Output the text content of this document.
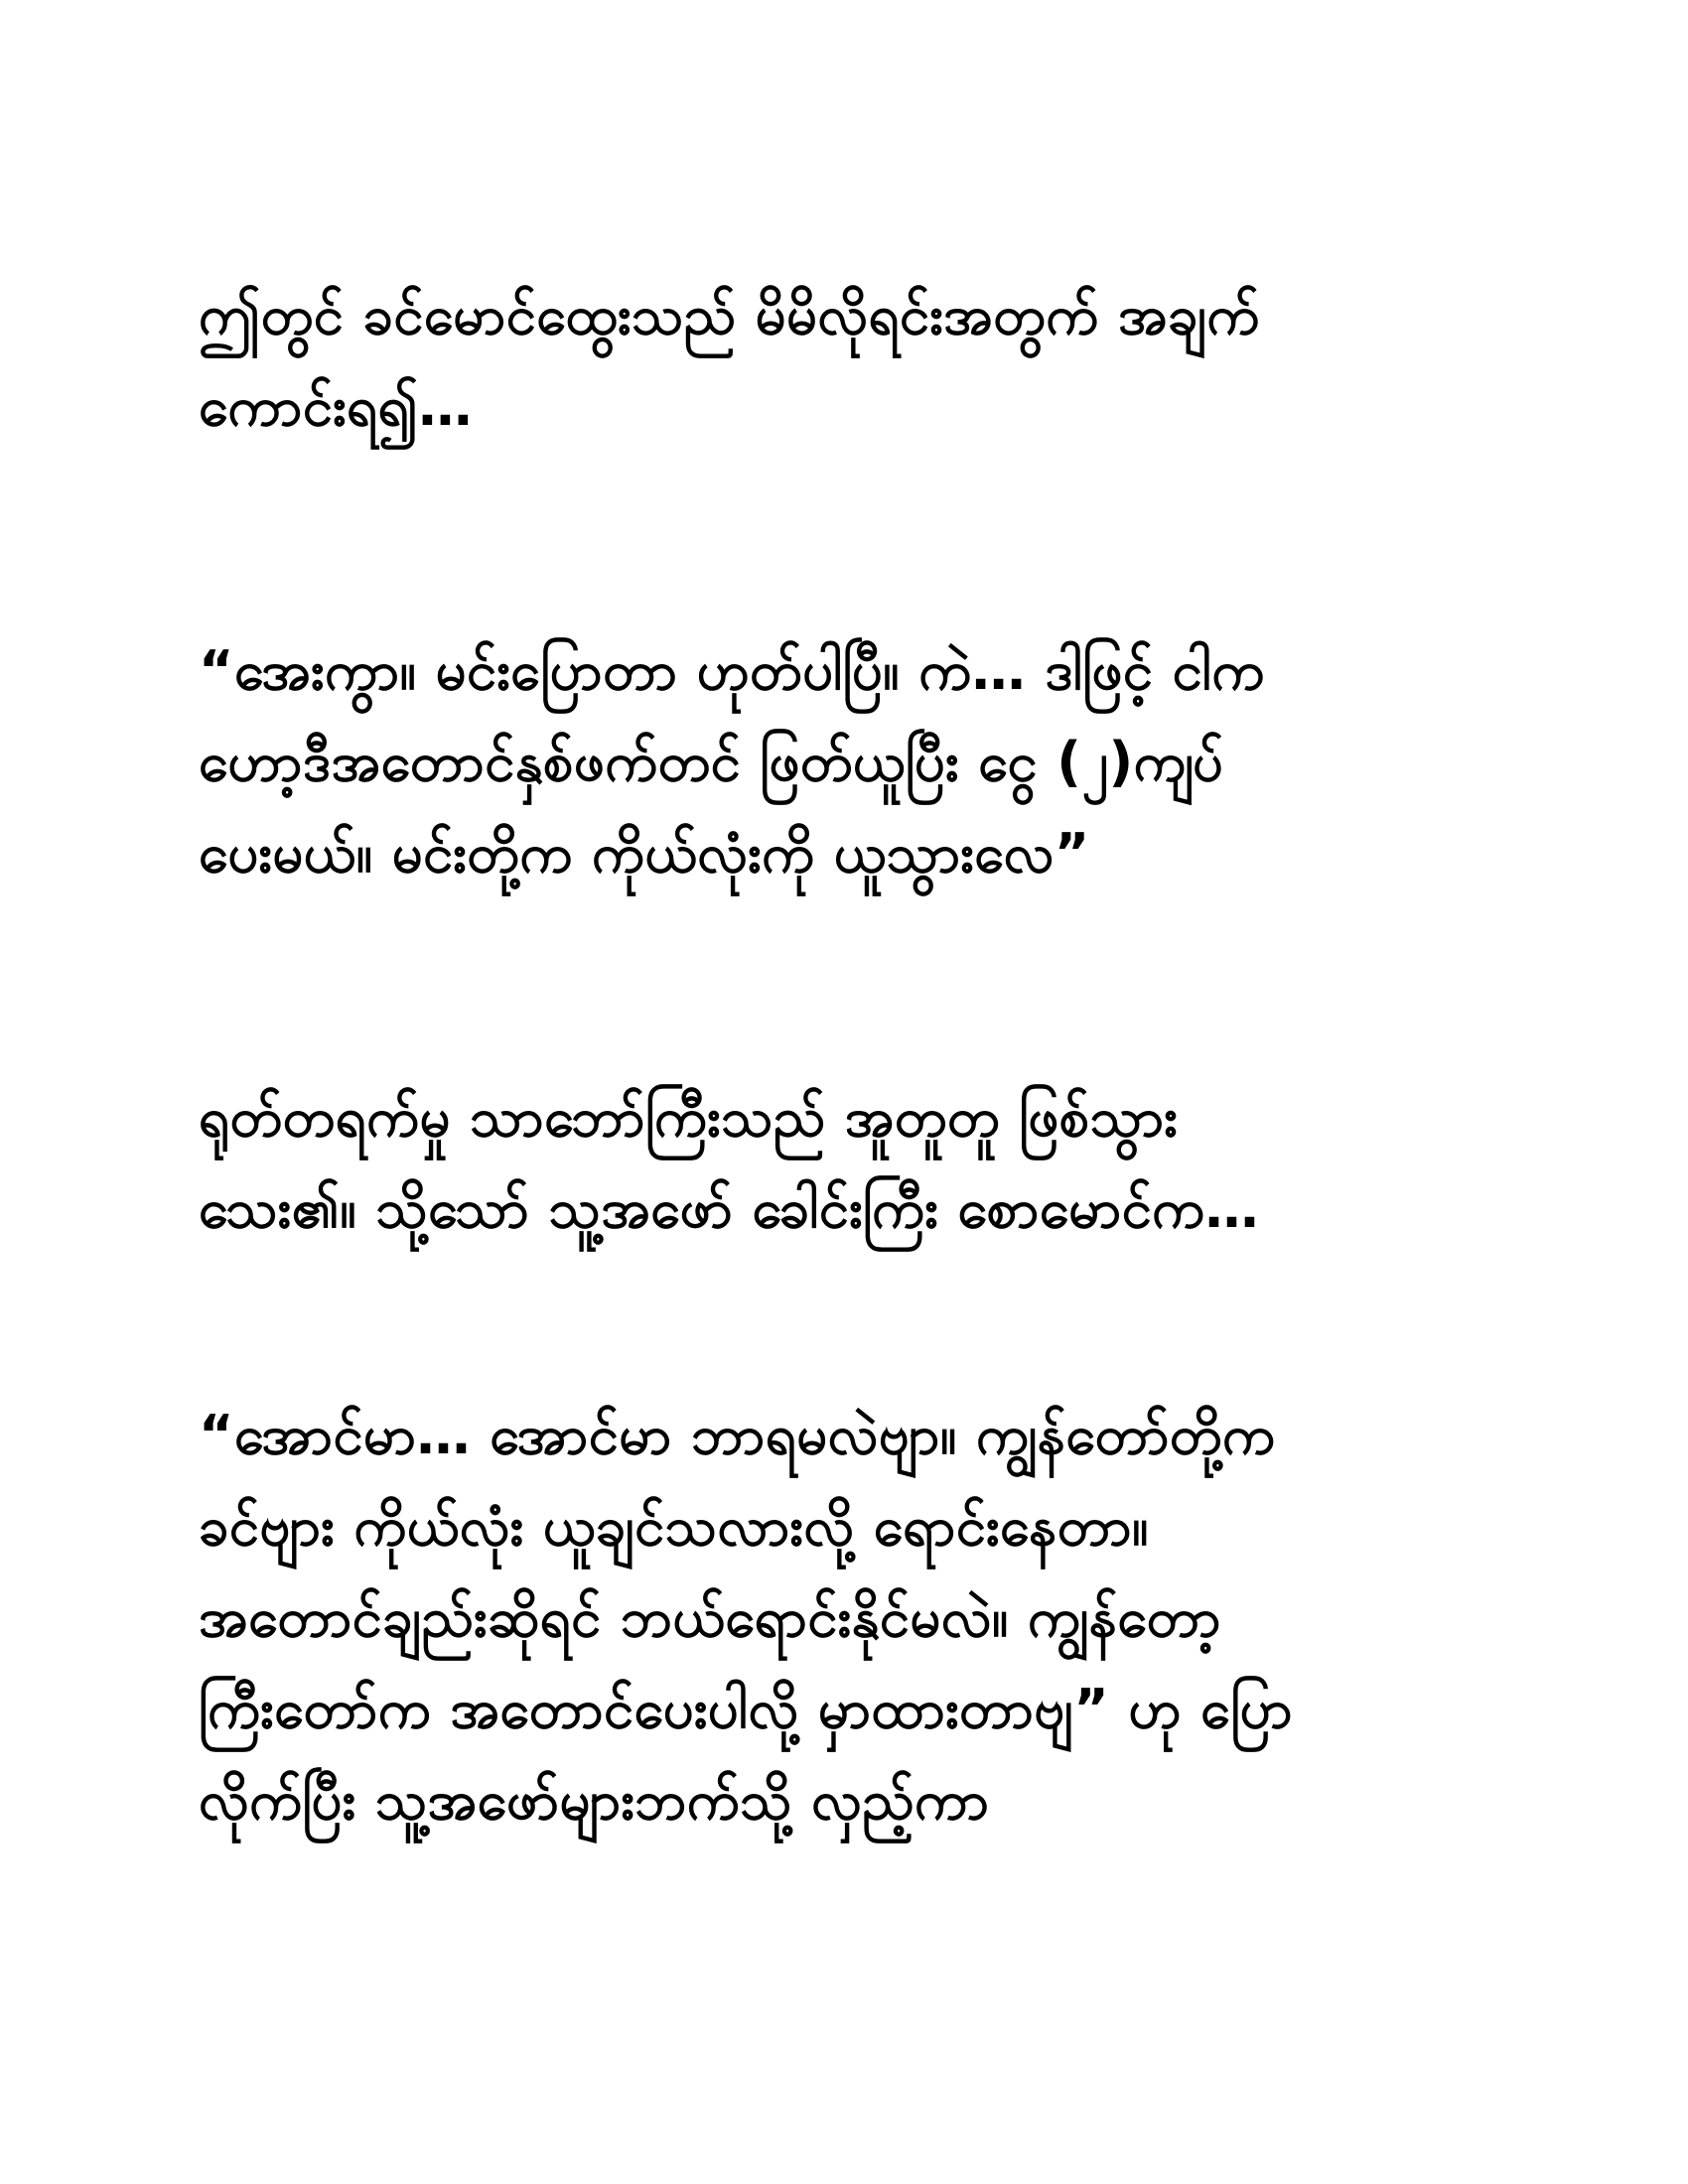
ဤတွင် ခင်မောင်ထွေးသည် မိမိလိုရင်းအတွက် အချက်
ကောင်းရ၍…
“အေးကွာ။ မင်းပြောတာ ဟုတ်ပါပြီ။ ကဲ… ဒါဖြင့် ငါက
ဟော့ဒီအတောင်နှစ်ဖက်တင် ဖြတ်ယူပြီး ငွေ (၂)ကျပ်
ပေးမယ်။ မင်းတို့က ကိုယ်လုံးကို ယူသွားလေ”
ရုတ်တရက်မှု သာဘော်ကြီးသည် အူတူတူ ဖြစ်သွား
သေး၏။ သို့သော် သူ့အဖော် ခေါင်းကြီး စောမောင်က…
“အောင်မာ… အောင်မာ ဘာရမလဲဗျာ။ ကျွန်တော်တို့က
ခင်ဗျား ကိုယ်လုံး ယူချင်သလားလို့ ရောင်းနေတာ။
အတောင်ချည်းဆိုရင် ဘယ်ရောင်းနိုင်မလဲ။ ကျွန်တော့
ကြီးတော်က အတောင်ပေးပါလို့ မှာထားတာဗျ” ဟု ပြော
လိုက်ပြီး သူ့အဖော်များဘက်သို့ လှည့်ကာ
